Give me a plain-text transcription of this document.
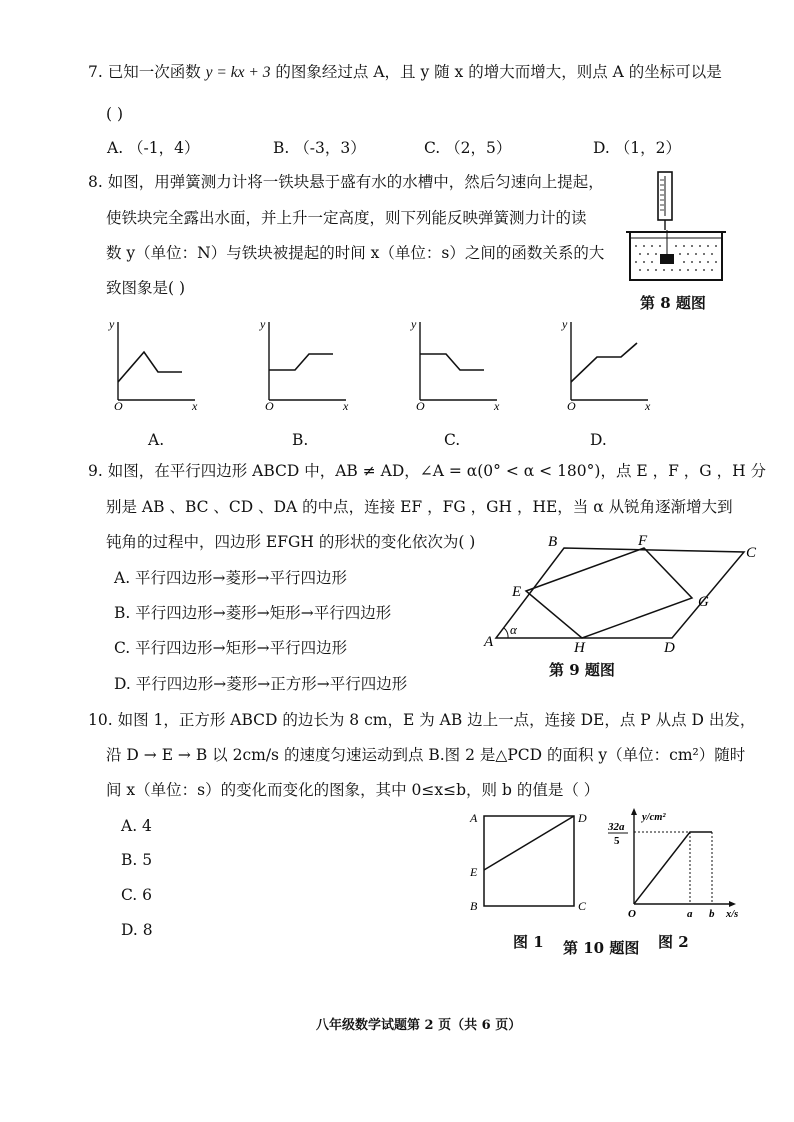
7. 已知一次函数 y = kx + 3 的图象经过点 A，且 y 随 x 的增大而增大，则点 A 的坐标可以是
( )
A. （-1，4）	B. （-3，3）	C. （2，5）	D. （1，2）
8. 如图，用弹簧测力计将一铁块悬于盛有水的水槽中，然后匀速向上提起，
使铁块完全露出水面，并上升一定高度，则下列能反映弹簧测力计的读
数 y（单位：N）与铁块被提起的时间 x（单位：s）之间的函数关系的大
致图象是( )
第 8 题图
y
x
O
y
x
O
y
x
O
y
x
O
A.	B.	C.	D.
9. 如图，在平行四边形 ABCD 中，AB ≠ AD，∠A = α(0° < α < 180°)，点 E ，F ，G ，H 分
别是 AB 、BC 、CD 、DA 的中点，连接 EF ，FG ，GH ，HE，当 α 从锐角逐渐增大到
钝角的过程中，四边形 EFGH 的形状的变化依次为( )
A. 平行四边形→菱形→平行四边形
B. 平行四边形→菱形→矩形→平行四边形
C. 平行四边形→矩形→平行四边形
D. 平行四边形→菱形→正方形→平行四边形
A
B
C
D
E
F
G
H
α
第 9 题图
10. 如图 1，正方形 ABCD 的边长为 8 cm，E 为 AB 边上一点，连接 DE，点 P 从点 D 出发，
沿 D → E → B 以 2cm/s 的速度匀速运动到点 B.图 2 是△PCD 的面积 y（单位：cm²）随时
间 x（单位：s）的变化而变化的图象，其中 0≤x≤b，则 b 的值是（ ）
A. 4
B. 5
C. 6
D. 8
A	D
B	C
E
y/cm²
x/s
O	a b
32a
5
图 1 第 10 题图 图 2
八年级数学试题第 2 页（共 6 页）
